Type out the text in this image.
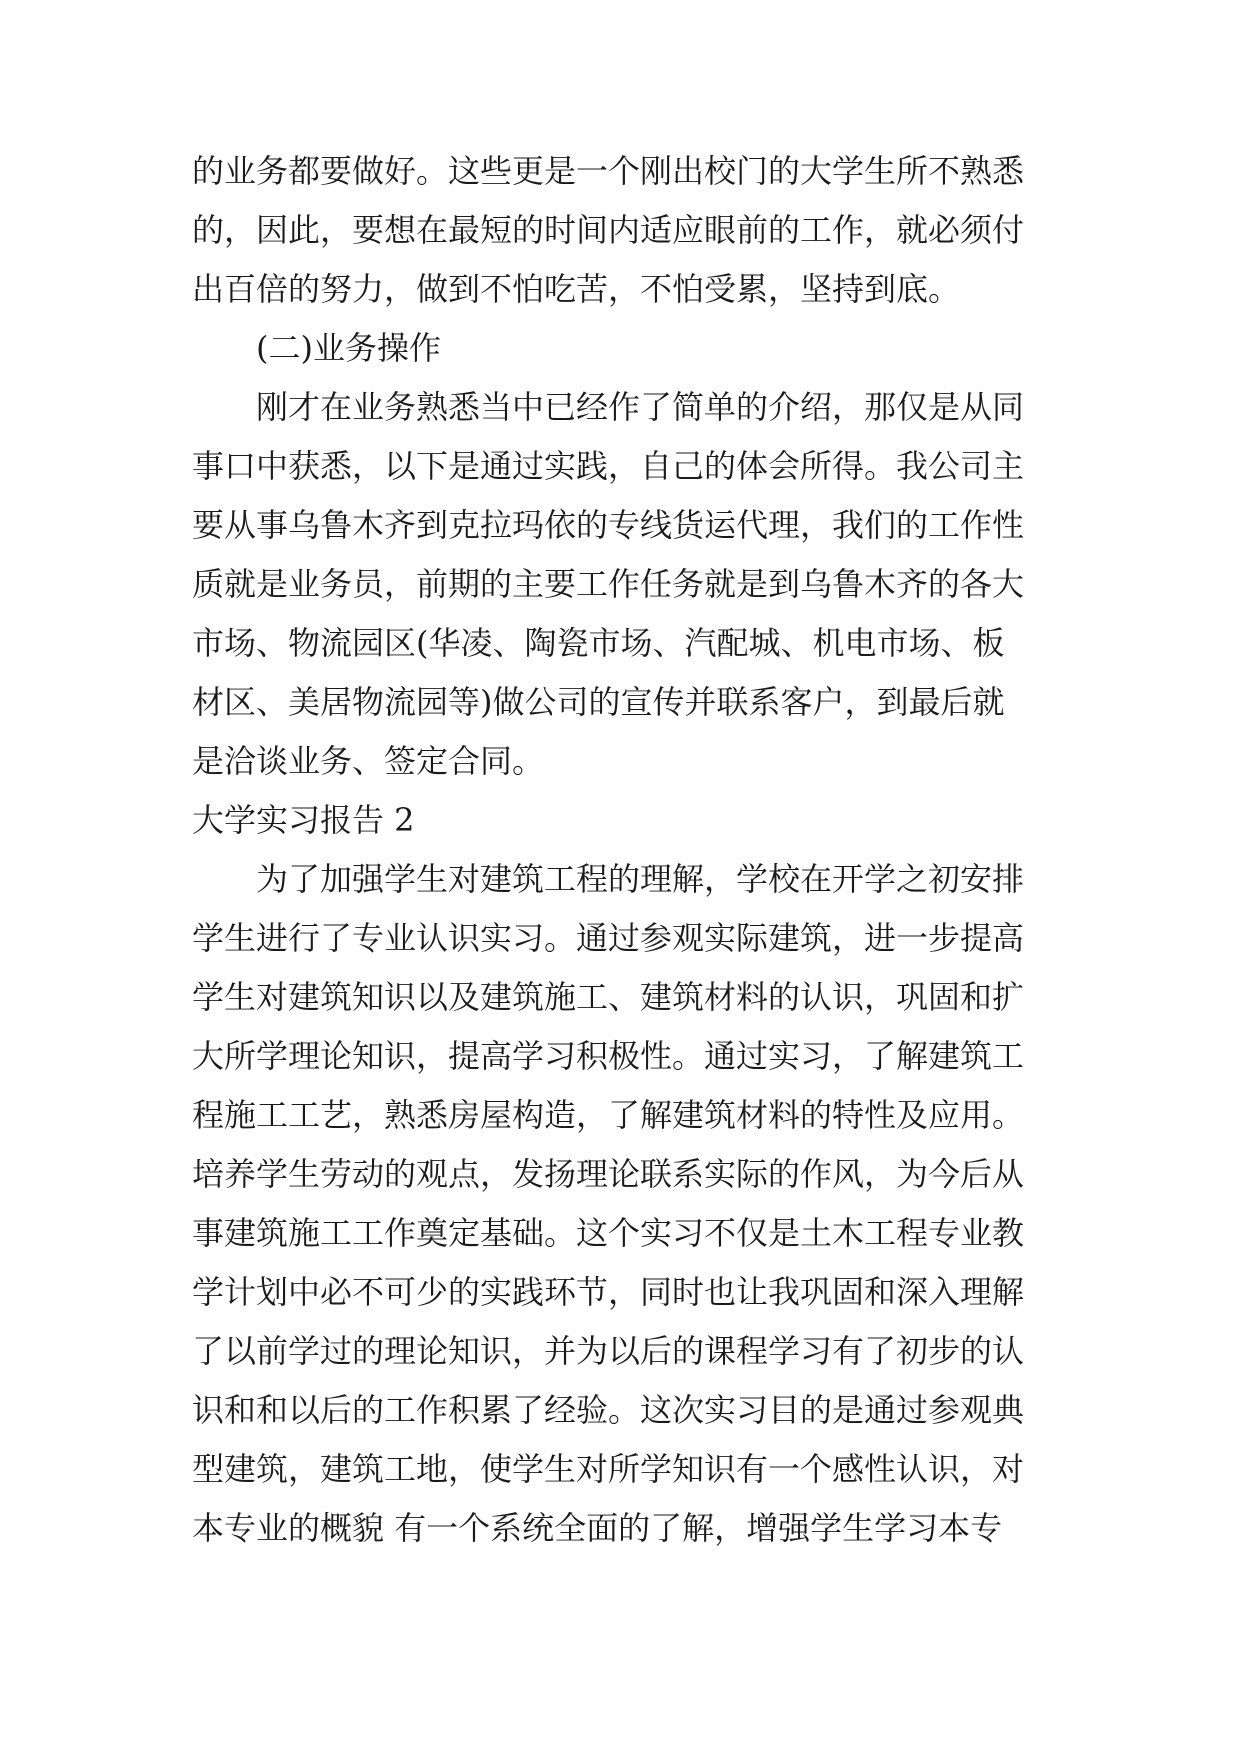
的业务都要做好。这些更是一个刚出校门的大学生所不熟悉
的，因此，要想在最短的时间内适应眼前的工作，就必须付
出百倍的努力，做到不怕吃苦，不怕受累，坚持到底。
(二)业务操作
刚才在业务熟悉当中已经作了简单的介绍，那仅是从同
事口中获悉，以下是通过实践，自己的体会所得。我公司主
要从事乌鲁木齐到克拉玛依的专线货运代理，我们的工作性
质就是业务员，前期的主要工作任务就是到乌鲁木齐的各大
市场、物流园区(华凌、陶瓷市场、汽配城、机电市场、板
材区、美居物流园等)做公司的宣传并联系客户，到最后就
是洽谈业务、签定合同。
大学实习报告 2
为了加强学生对建筑工程的理解，学校在开学之初安排
学生进行了专业认识实习。通过参观实际建筑，进一步提高
学生对建筑知识以及建筑施工、建筑材料的认识，巩固和扩
大所学理论知识，提高学习积极性。通过实习，了解建筑工
程施工工艺，熟悉房屋构造，了解建筑材料的特性及应用。
培养学生劳动的观点，发扬理论联系实际的作风，为今后从
事建筑施工工作奠定基础。这个实习不仅是土木工程专业教
学计划中必不可少的实践环节，同时也让我巩固和深入理解
了以前学过的理论知识，并为以后的课程学习有了初步的认
识和和以后的工作积累了经验。这次实习目的是通过参观典
型建筑，建筑工地，使学生对所学知识有一个感性认识，对
本专业的概貌 有一个系统全面的了解，增强学生学习本专
